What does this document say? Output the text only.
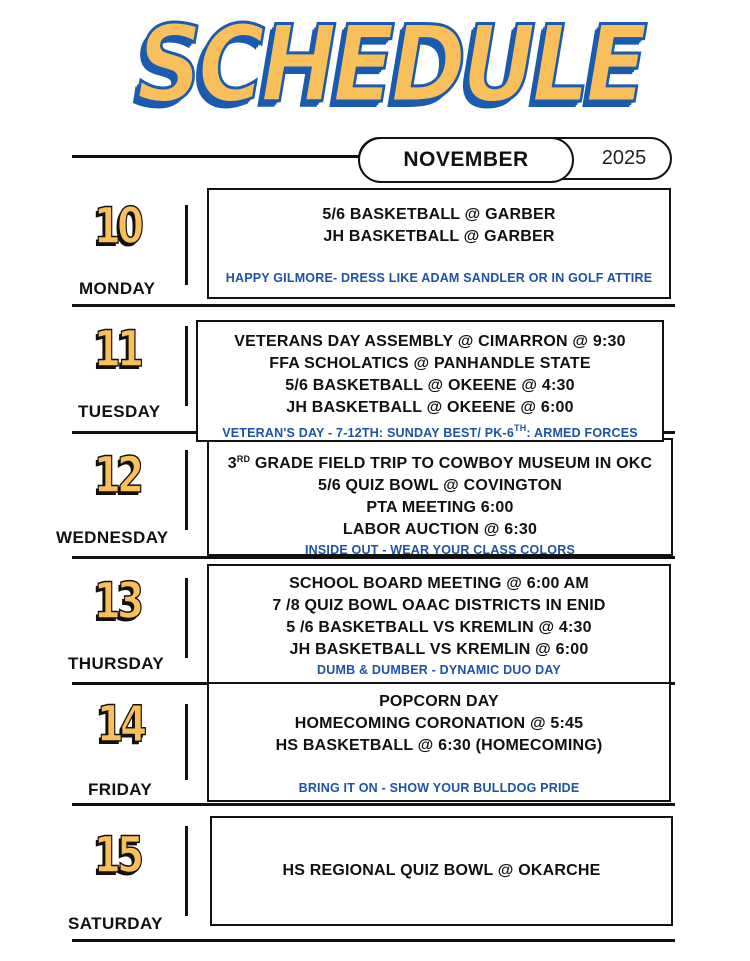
SCHEDULE
NOVEMBER	2025
10
MONDAY
5/6 BASKETBALL @ GARBER
JH BASKETBALL @ GARBER
HAPPY GILMORE- DRESS LIKE ADAM SANDLER OR IN GOLF ATTIRE
11
TUESDAY
VETERANS DAY ASSEMBLY @ CIMARRON @ 9:30
FFA SCHOLATICS @ PANHANDLE STATE
5/6 BASKETBALL @ OKEENE @ 4:30
JH BASKETBALL @ OKEENE @ 6:00
VETERAN'S DAY - 7-12TH: SUNDAY BEST/ PK-6TH: ARMED FORCES
12
WEDNESDAY
3RD GRADE FIELD TRIP TO COWBOY MUSEUM IN OKC
5/6 QUIZ BOWL @ COVINGTON
PTA MEETING 6:00
LABOR AUCTION @ 6:30
INSIDE OUT - WEAR YOUR CLASS COLORS
13
THURSDAY
SCHOOL BOARD MEETING @ 6:00 AM
7 /8 QUIZ BOWL OAAC DISTRICTS IN ENID
5 /6 BASKETBALL VS KREMLIN @ 4:30
JH BASKETBALL VS KREMLIN @ 6:00
DUMB & DUMBER - DYNAMIC DUO DAY
14
FRIDAY
POPCORN DAY
HOMECOMING CORONATION @ 5:45
HS BASKETBALL @ 6:30 (HOMECOMING)
BRING IT ON - SHOW YOUR BULLDOG PRIDE
15
SATURDAY
HS REGIONAL QUIZ BOWL @ OKARCHE
